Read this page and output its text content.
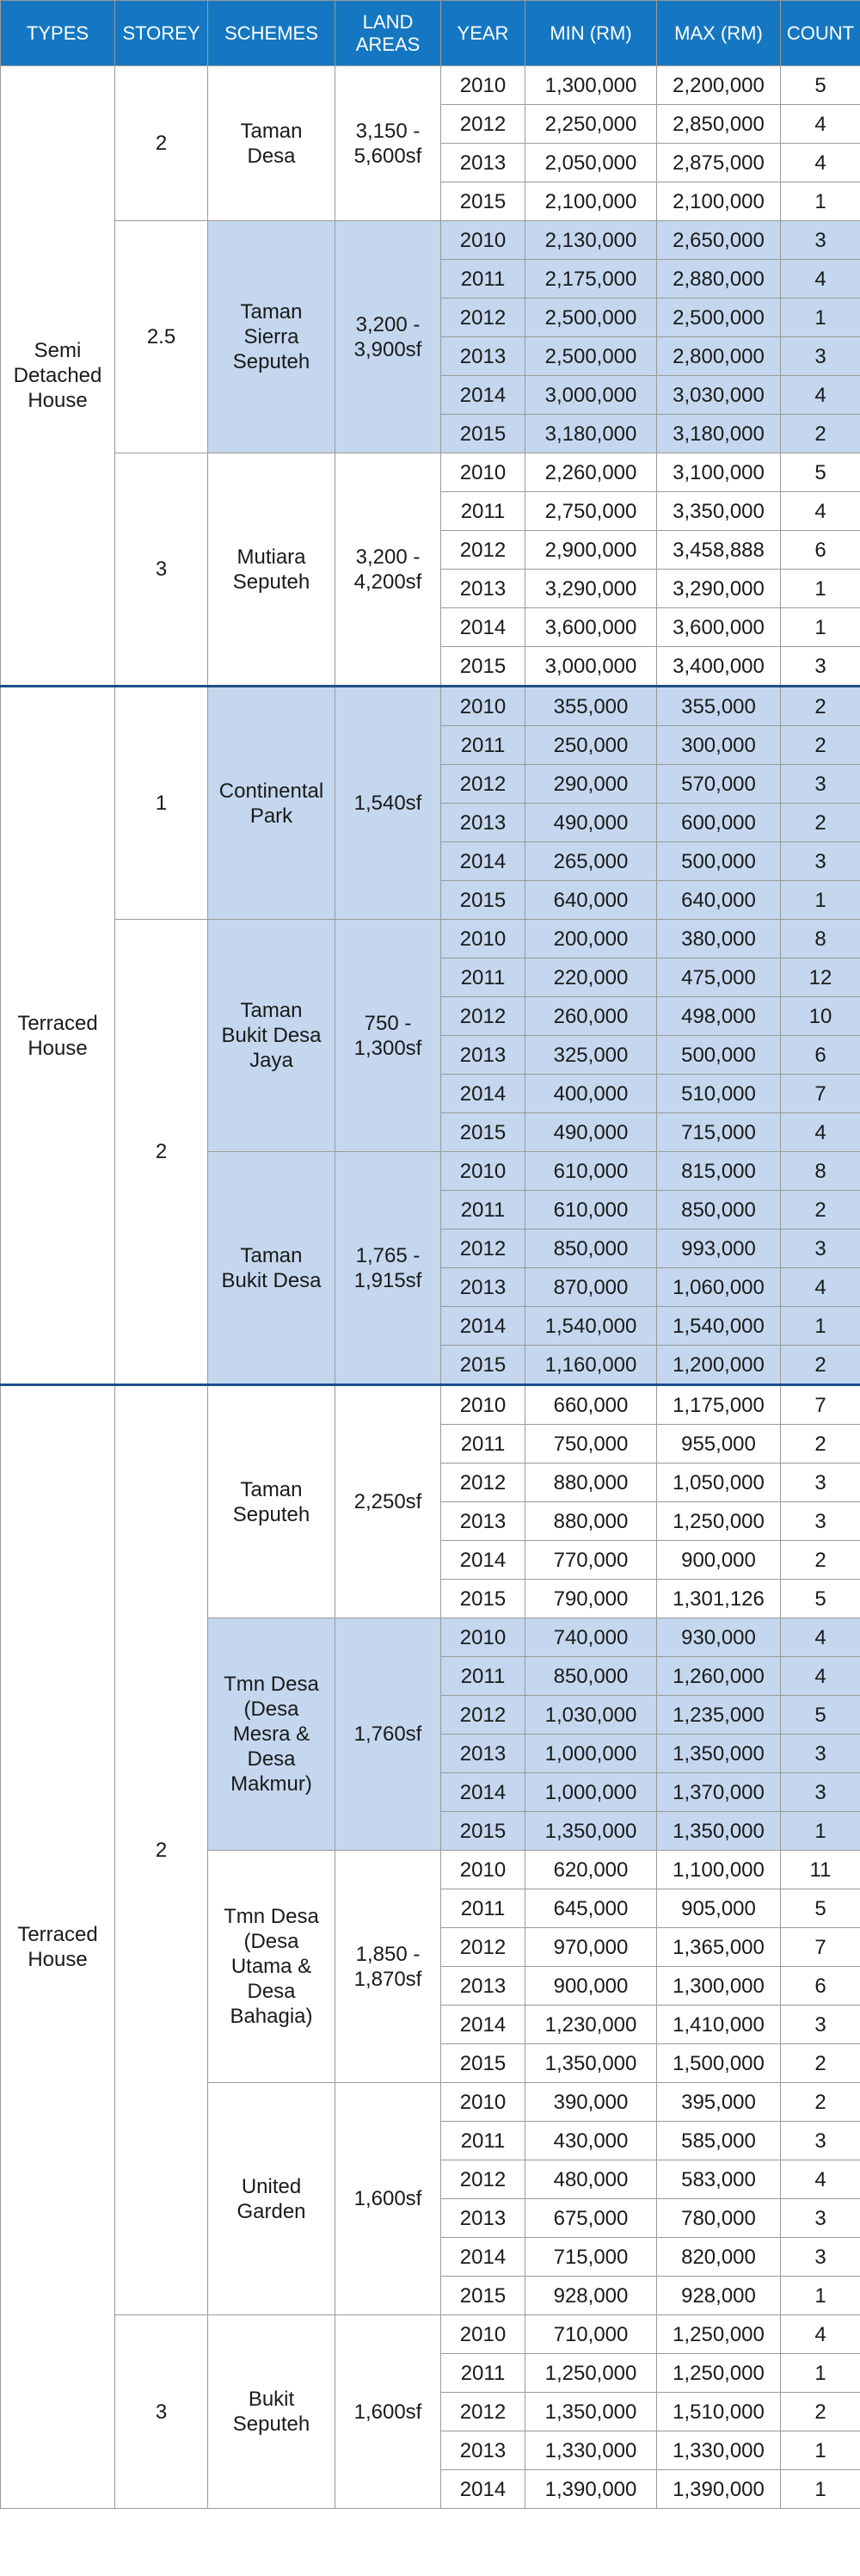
TYPES	STOREY	SCHEMES	LAND AREAS	YEAR	MIN (RM)	MAX (RM)	COUNT
Semi Detached House	2	Taman Desa	3,150 - 5,600sf	2010	1,300,000	2,200,000	5
				2012	2,250,000	2,850,000	4
				2013	2,050,000	2,875,000	4
				2015	2,100,000	2,100,000	1
	2.5	Taman Sierra Seputeh	3,200 - 3,900sf	2010	2,130,000	2,650,000	3
				2011	2,175,000	2,880,000	4
				2012	2,500,000	2,500,000	1
				2013	2,500,000	2,800,000	3
				2014	3,000,000	3,030,000	4
				2015	3,180,000	3,180,000	2
	3	Mutiara Seputeh	3,200 - 4,200sf	2010	2,260,000	3,100,000	5
				2011	2,750,000	3,350,000	4
				2012	2,900,000	3,458,888	6
				2013	3,290,000	3,290,000	1
				2014	3,600,000	3,600,000	1
				2015	3,000,000	3,400,000	3
Terraced House	1	Continental Park	1,540sf	2010	355,000	355,000	2
				2011	250,000	300,000	2
				2012	290,000	570,000	3
				2013	490,000	600,000	2
				2014	265,000	500,000	3
				2015	640,000	640,000	1
	2	Taman Bukit Desa Jaya	750 - 1,300sf	2010	200,000	380,000	8
				2011	220,000	475,000	12
				2012	260,000	498,000	10
				2013	325,000	500,000	6
				2014	400,000	510,000	7
				2015	490,000	715,000	4
		Taman Bukit Desa	1,765 - 1,915sf	2010	610,000	815,000	8
				2011	610,000	850,000	2
				2012	850,000	993,000	3
				2013	870,000	1,060,000	4
				2014	1,540,000	1,540,000	1
				2015	1,160,000	1,200,000	2
Terraced House	2	Taman Seputeh	2,250sf	2010	660,000	1,175,000	7
				2011	750,000	955,000	2
				2012	880,000	1,050,000	3
				2013	880,000	1,250,000	3
				2014	770,000	900,000	2
				2015	790,000	1,301,126	5
		Tmn Desa (Desa Mesra & Desa Makmur)	1,760sf	2010	740,000	930,000	4
				2011	850,000	1,260,000	4
				2012	1,030,000	1,235,000	5
				2013	1,000,000	1,350,000	3
				2014	1,000,000	1,370,000	3
				2015	1,350,000	1,350,000	1
		Tmn Desa (Desa Utama & Desa Bahagia)	1,850 - 1,870sf	2010	620,000	1,100,000	11
				2011	645,000	905,000	5
				2012	970,000	1,365,000	7
				2013	900,000	1,300,000	6
				2014	1,230,000	1,410,000	3
				2015	1,350,000	1,500,000	2
		United Garden	1,600sf	2010	390,000	395,000	2
				2011	430,000	585,000	3
				2012	480,000	583,000	4
				2013	675,000	780,000	3
				2014	715,000	820,000	3
				2015	928,000	928,000	1
	3	Bukit Seputeh	1,600sf	2010	710,000	1,250,000	4
				2011	1,250,000	1,250,000	1
				2012	1,350,000	1,510,000	2
				2013	1,330,000	1,330,000	1
				2014	1,390,000	1,390,000	1
